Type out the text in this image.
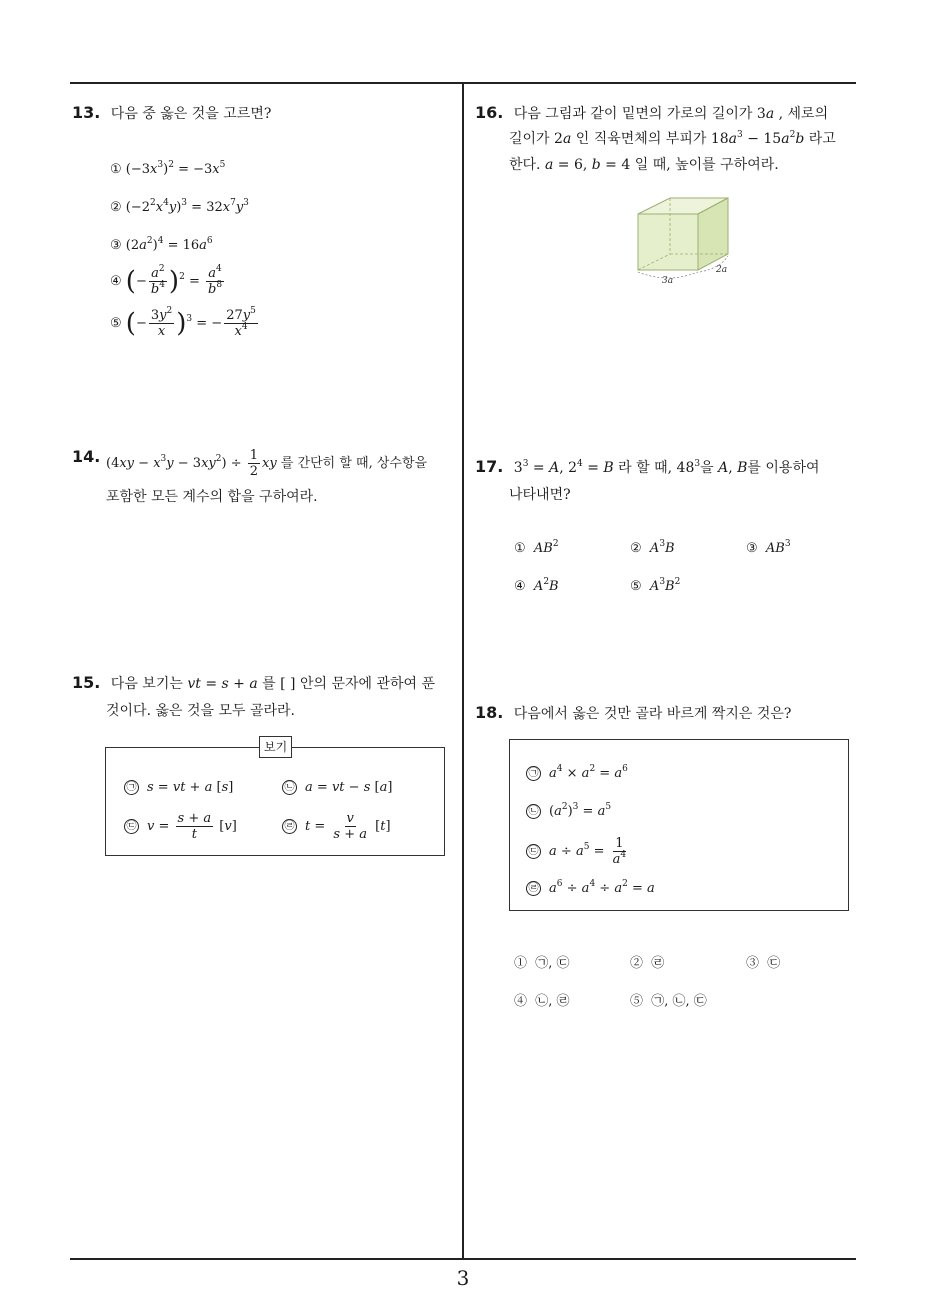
13. 다음 중 옳은 것을 고르면?
① $(-3x^3)^2 = -3x^5$
② $(-2^2x^4y)^3 = 32x^7y^3$
③ $(2a^2)^4 = 16a^6$
④ (− $\frac{a^2}{b^4} )^2 = \frac{a^4}{b^8}$
⑤ (− $\frac{3y^2}{x} )^3$ = − $\frac{27y^5}{x^4}$
14. $(4xy - x^3y - 3xy^2) \div \frac{1}{2}$ xy 를 간단히 할 때, 상수항을
포함한 모든 계수의 합을 구하여라.
15. 다음 보기는 vt = s + a 를 [ ] 안의 문자에 관하여 푼
것이다. 옳은 것을 모두 골라라.
보기
㉠ s = vt + a [s]	㉡ a = vt − s [a]
㉢ $v = \frac{s + a}{t} [v]$	㉣ $t = \frac{v}{s + a} [t]$
16. 다음 그림과 같이 밑면의 가로의 길이가 3a , 세로의
길이가 2a 인 직육면체의 부피가 $18a^3 - 15a^2b$ 라고
한다. a = 6, b = 4 일 때, 높이를 구하여라.
3a
2a
17. $3^3 = A$, $2^4 = B$ 라 할 때, $48^3$을 A, B를 이용하여
나타내면?
① $AB^2$	② $A^3B$	③ $AB^3$
④ $A^2B$	⑤ $A^3B^2$
18. 다음에서 옳은 것만 골라 바르게 짝지은 것은?
㉠ $a^4 \times a^2 = a^6$
㉡ $(a^2)^3 = a^5$
㉢ $a \div a^5 = \frac{1}{a^4}$
㉣ $a^6 \div a^4 \div a^2 = a$
① ㉠, ㉢	② ㉣	③ ㉢
④ ㉡, ㉣	⑤ ㉠, ㉡, ㉢
3
